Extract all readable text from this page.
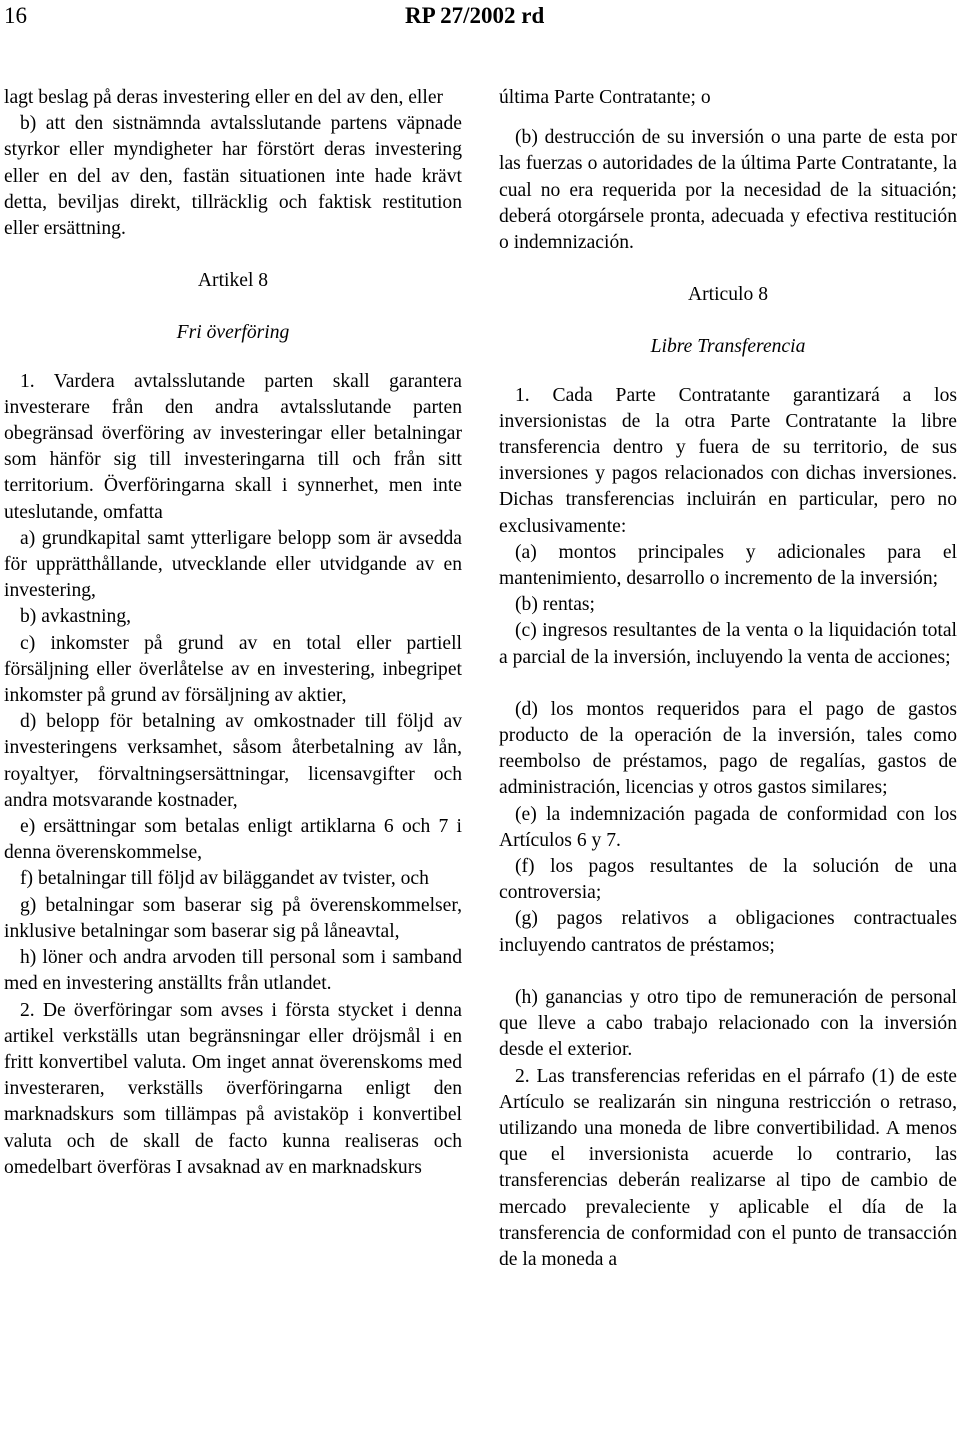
16	RP 27/2002 rd

lagt beslag på deras investering eller en del av den, eller

b) att den sistnämnda avtalsslutande partens väpnade styrkor eller myndigheter har förstört deras investering eller en del av den, fastän situationen inte hade krävt detta, beviljas direkt, tillräcklig och faktisk restitution eller ersättning.

Artikel 8

Fri överföring

1. Vardera avtalsslutande parten skall garantera investerare från den andra avtalsslutande parten obegränsad överföring av investeringar eller betalningar som hänför sig till investeringarna till och från sitt territorium. Överföringarna skall i synnerhet, men inte uteslutande, omfatta

a) grundkapital samt ytterligare belopp som är avsedda för upprätthållande, utvecklande eller utvidgande av en investering,

b) avkastning,

c) inkomster på grund av en total eller partiell försäljning eller överlåtelse av en investering, inbegripet inkomster på grund av försäljning av aktier,

d) belopp för betalning av omkostnader till följd av investeringens verksamhet, såsom återbetalning av lån, royaltyer, förvaltningsersättningar, licensavgifter och andra motsvarande kostnader,

e) ersättningar som betalas enligt artiklarna 6 och 7 i denna överenskommelse,

f) betalningar till följd av biläggandet av tvister, och

g) betalningar som baserar sig på överenskommelser, inklusive betalningar som baserar sig på låneavtal,

h) löner och andra arvoden till personal som i samband med en investering anställts från utlandet.

2. De överföringar som avses i första stycket i denna artikel verkställs utan begränsningar eller dröjsmål i en fritt konvertibel valuta. Om inget annat överenskoms med investeraren, verkställs överföringarna enligt den marknadskurs som tillämpas på avistaköp i konvertibel valuta och de skall de facto kunna realiseras och omedelbart överföras I avsaknad av en marknadskurs

última Parte Contratante; o

(b) destrucción de su inversión o una parte de esta por las fuerzas o autoridades de la última Parte Contratante, la cual no era requerida por la necesidad de la situación; deberá otorgársele pronta, adecuada y efectiva restitución o indemnización.

Articulo 8

Libre Transferencia

1. Cada Parte Contratante garantizará a los inversionistas de la otra Parte Contratante la libre transferencia dentro y fuera de su territorio, de sus inversiones y pagos relacionados con dichas inversiones. Dichas transferencias incluirán en particular, pero no exclusivamente:

(a) montos principales y adicionales para el mantenimiento, desarrollo o incremento de la inversión;

(b) rentas;

(c) ingresos resultantes de la venta o la liquidación total a parcial de la inversión, incluyendo la venta de acciones;

(d) los montos requeridos para el pago de gastos producto de la operación de la inversión, tales como reembolso de préstamos, pago de regalías, gastos de administración, licencias y otros gastos similares;

(e) la indemnización pagada de conformidad con los Artículos 6 y 7.

(f) los pagos resultantes de la solución de una controversia;

(g) pagos relativos a obligaciones contractuales incluyendo cantratos de préstamos;

(h) ganancias y otro tipo de remuneración de personal que lleve a cabo trabajo relacionado con la inversión desde el exterior.

2. Las transferencias referidas en el párrafo (1) de este Artículo se realizarán sin ninguna restricción o retraso, utilizando una moneda de libre convertibilidad. A menos que el inversionista acuerde lo contrario, las transferencias deberán realizarse al tipo de cambio de mercado prevaleciente y aplicable el día de la transferencia de conformidad con el punto de transacción de la moneda a
